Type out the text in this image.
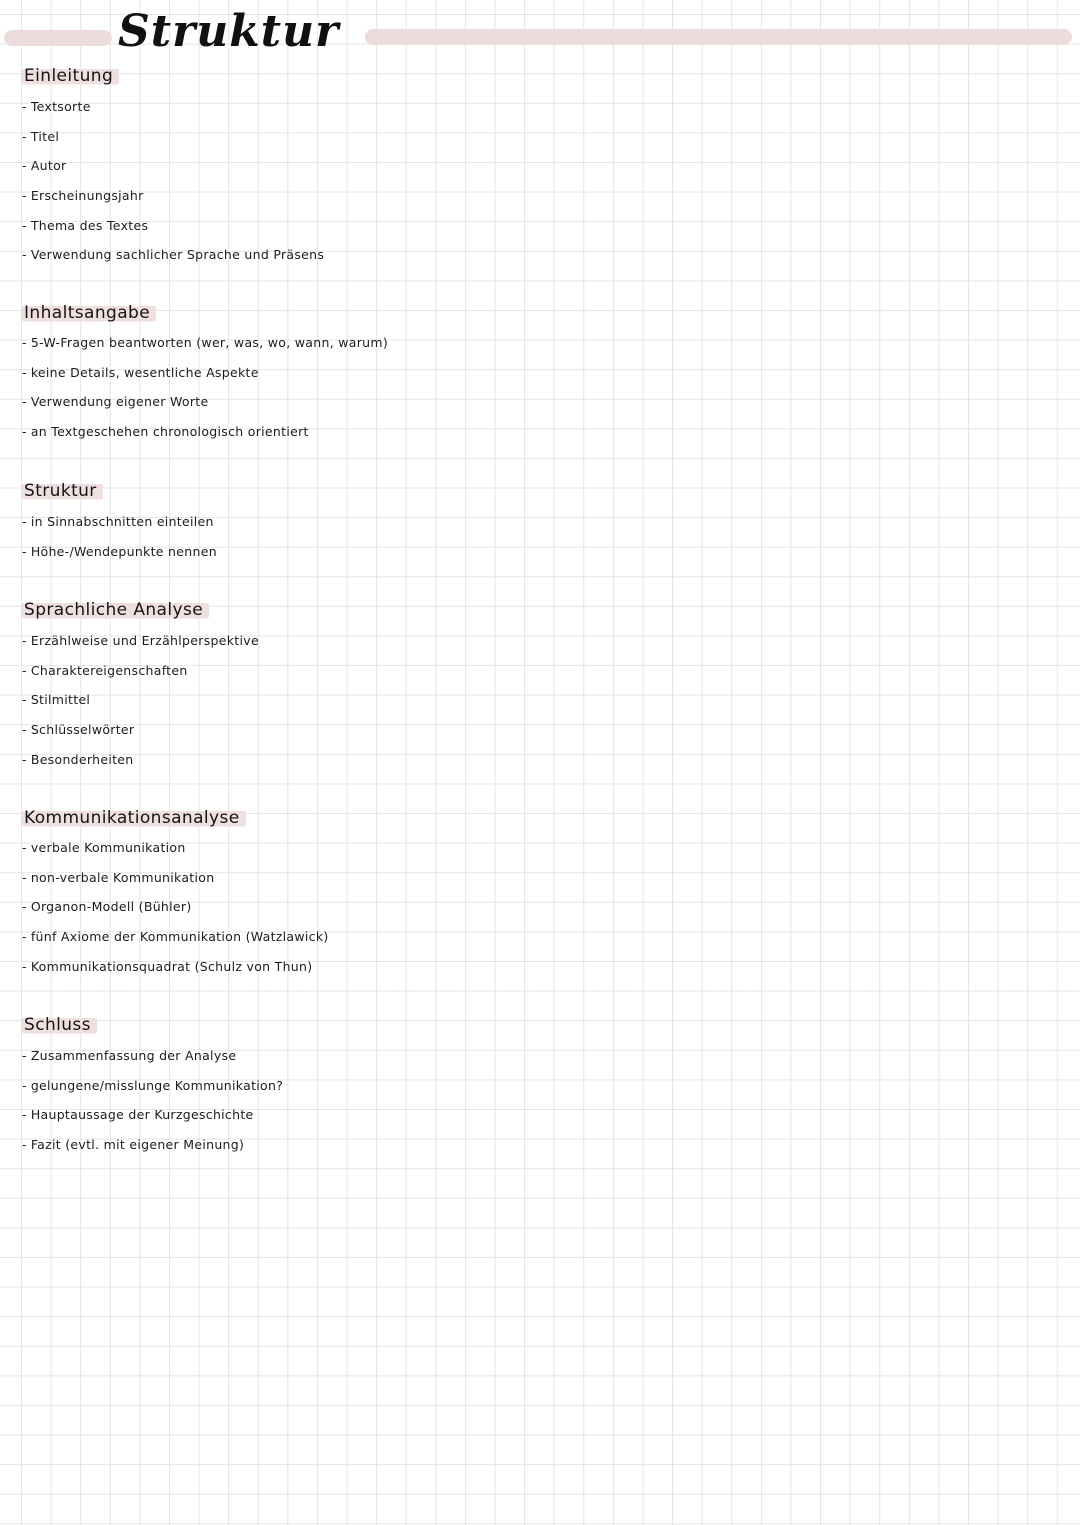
Struktur
Einleitung
- Textsorte
- Titel
- Autor
- Erscheinungsjahr
- Thema des Textes
- Verwendung sachlicher Sprache und Präsens
Inhaltsangabe
- 5-W-Fragen beantworten (wer, was, wo, wann, warum)
- keine Details, wesentliche Aspekte
- Verwendung eigener Worte
- an Textgeschehen chronologisch orientiert
Struktur
- in Sinnabschnitten einteilen
- Höhe-/Wendepunkte nennen
Sprachliche Analyse
- Erzählweise und Erzählperspektive
- Charaktereigenschaften
- Stilmittel
- Schlüsselwörter
- Besonderheiten
Kommunikationsanalyse
- verbale Kommunikation
- non-verbale Kommunikation
- Organon-Modell (Bühler)
- fünf Axiome der Kommunikation (Watzlawick)
- Kommunikationsquadrat (Schulz von Thun)
Schluss
- Zusammenfassung der Analyse
- gelungene/misslunge Kommunikation?
- Hauptaussage der Kurzgeschichte
- Fazit (evtl. mit eigener Meinung)
